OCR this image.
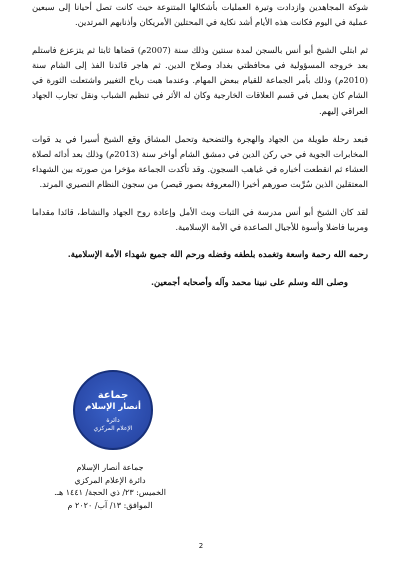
شوكة المجاهدين وازدادت وتيرة العمليات بأشكالها المتنوعة حيث كانت تصل أحيانا إلى سبعين عملية في اليوم فكانت هذه الأيام أشد نكاية في المحتلين الأمريكان وأذنابهم المرتدين.

ثم ابتلي الشيخ أبو أنس بالسجن لمدة سنتين وذلك سنة (2007م) قضاها ثابتا ثم يتزعزع فاستلم بعد خروجه المسؤولية في محافظتي بغداد وصلاح الدين. ثم هاجر قائدنا الفذ إلى الشام سنة (2010م) وذلك بأمر الجماعة للقيام ببعض المهام. وعندما هبت رياح التغيير واشتعلت الثورة في الشام كان يعمل في قسم العلاقات الخارجية وكان له الأثر في تنظيم الشباب ونقل تجارب الجهاد العراقي إليهم.

فبعد رحلة طويلة من الجهاد والهجرة والتضحية وتحمل المشاق وقع الشيخ أسيرا في يد قوات المخابرات الجوية في حي ركن الدين في دمشق الشام أواخر سنة (2013م) وذلك بعد أدائه لصلاة العشاء ثم انقطعت أخباره في غياهب السجون. وقد تأكدت الجماعة مؤخرا من صورته بين الشهداء المعتقلين الذين سُرِّبت صورهم أخيرا (المعروفة بصور قيصر) من سجون النظام النصيري المرتد.

لقد كان الشيخ أبو أنس مدرسة في الثبات وبث الأمل وإعادة روح الجهاد والنشاط، قائدا مقداما ومربيا فاضلا وأسوة للأجيال الصاعدة في الأمة الإسلامية.

رحمه الله رحمة واسعة وتغمده بلطفه وفضله ورحم الله جميع شهداء الأمة الإسلامية.

وصلى الله وسلم على نبينا محمد وآله وأصحابه أجمعين.

جماعة
أنصار الإسلام
دائرة
الإعلام المركزي
جماعة أنصار الإسلام
دائرة الإعلام المركزي
الخميس: ٢٣/ ذي الحجة/ ١٤٤١ هـ.
الموافق: ١٣/ آب/ ٢٠٢٠ م
2
